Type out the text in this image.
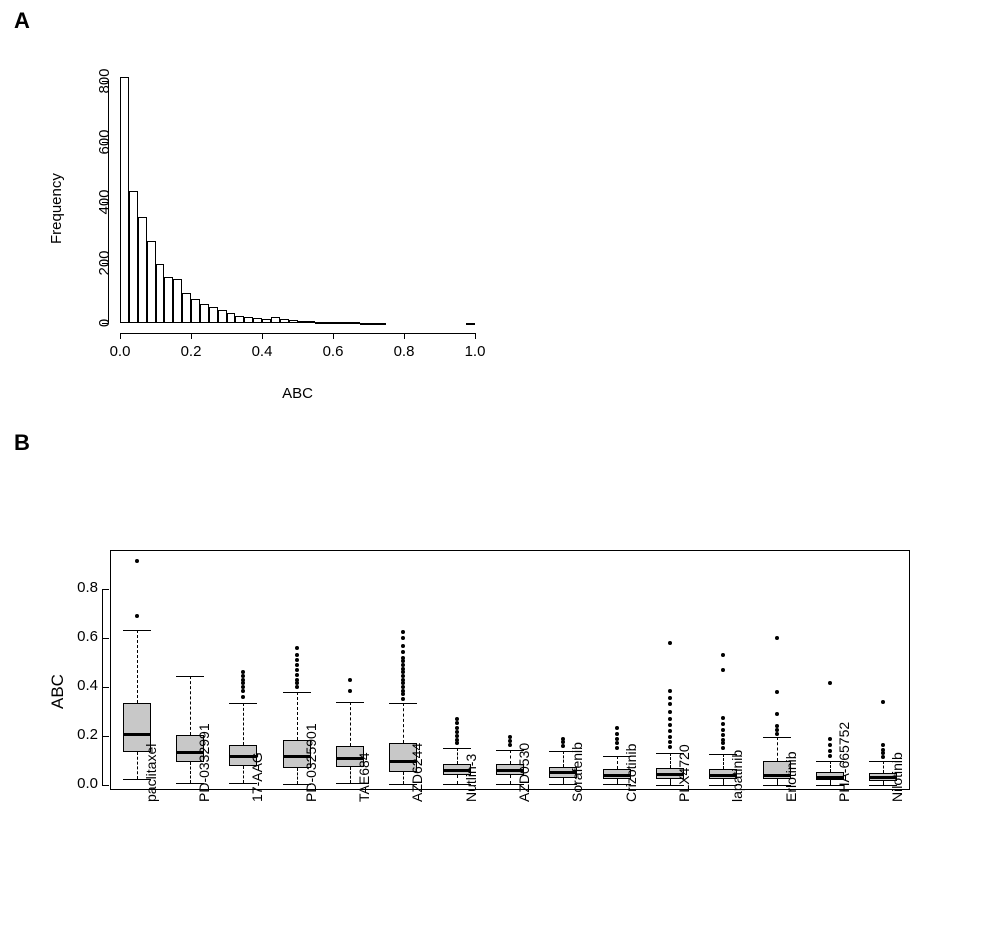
A
0.0	0.2	0.4	0.6	0.8	1.0
0
200
400
600
800
Frequency
ABC
B
0.0
0.2
0.4
0.6
0.8
ABC
paclitaxel	PD-0332991	17-AAG	PD-0325901	TAE684	AZD6244	Nutlin-3	AZD0530	Sorafenib	Crizotinib	PLX4720	lapatinib	Erlotinib	PHA-665752	Nilotinib
